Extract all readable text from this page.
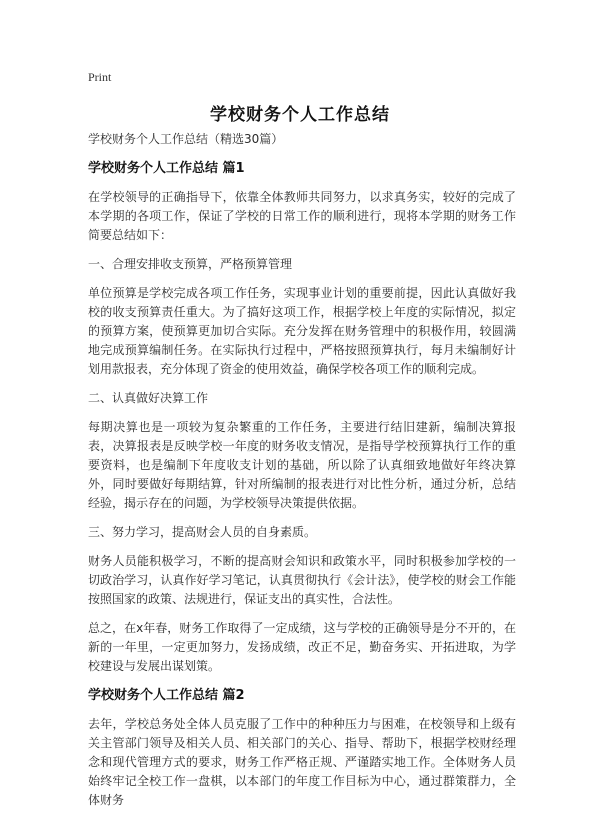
Print
学校财务个人工作总结
学校财务个人工作总结（精选30篇）
学校财务个人工作总结 篇1
在学校领导的正确指导下，依靠全体教师共同努力，以求真务实，较好的完成了本学期的各项工作，保证了学校的日常工作的顺利进行，现将本学期的财务工作简要总结如下：
一、合理安排收支预算，严格预算管理
单位预算是学校完成各项工作任务，实现事业计划的重要前提，因此认真做好我校的收支预算责任重大。为了搞好这项工作，根据学校上年度的实际情况，拟定的预算方案，使预算更加切合实际。充分发挥在财务管理中的积极作用，较圆满地完成预算编制任务。在实际执行过程中，严格按照预算执行，每月未编制好计划用款报表，充分体现了资金的使用效益，确保学校各项工作的顺利完成。
二、认真做好决算工作
每期决算也是一项较为复杂繁重的工作任务，主要进行结旧建新，编制决算报表，决算报表是反映学校一年度的财务收支情况，是指导学校预算执行工作的重要资料，也是编制下年度收支计划的基础，所以除了认真细致地做好年终决算外，同时要做好每期结算，针对所编制的报表进行对比性分析，通过分析，总结经验，揭示存在的问题，为学校领导决策提供依据。
三、努力学习，提高财会人员的自身素质。
财务人员能积极学习，不断的提高财会知识和政策水平，同时积极参加学校的一切政治学习，认真作好学习笔记，认真贯彻执行《会计法》，使学校的财会工作能按照国家的政策、法规进行，保证支出的真实性，合法性。
总之，在x年春，财务工作取得了一定成绩，这与学校的正确领导是分不开的，在新的一年里，一定更加努力，发扬成绩，改正不足，勤奋务实、开拓进取，为学校建设与发展出谋划策。
学校财务个人工作总结 篇2
去年，学校总务处全体人员克服了工作中的种种压力与困难，在校领导和上级有关主管部门领导及相关人员、相关部门的关心、指导、帮助下，根据学校财经理念和现代管理方式的要求，财务工作严格正规、严谨踏实地工作。全体财务人员始终牢记全校工作一盘棋，以本部门的年度工作目标为中心，通过群策群力，全体财务
